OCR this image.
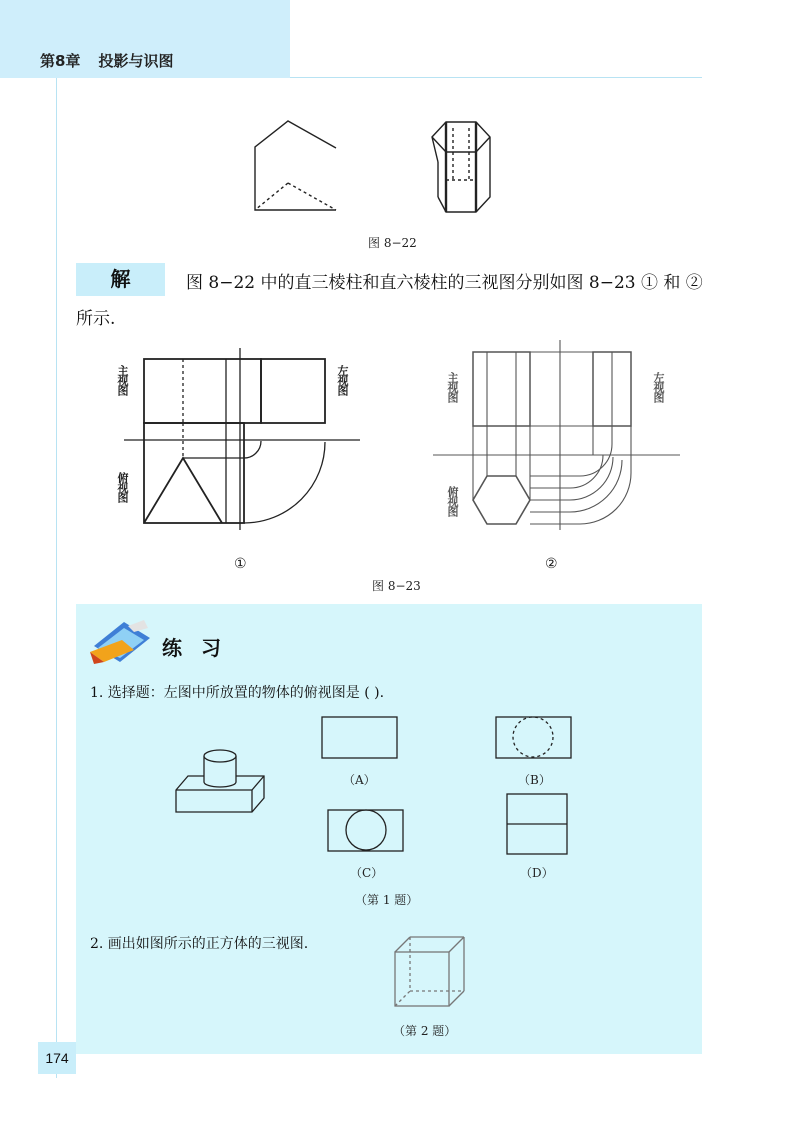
第8章 投影与识图
图 8−22
解	图 8−22 中的直三棱柱和直六棱柱的三视图分别如图 8−23 ① 和 ②
所示.
主视图	左视图
俯视图
①
主视图	左视图
俯视图
②
图 8−23
练 习
1. 选择题：左图中所放置的物体的俯视图是 ( ).
（A）	（B）
（C）	（D）
（第 1 题）
2. 画出如图所示的正方体的三视图.
（第 2 题）
174
